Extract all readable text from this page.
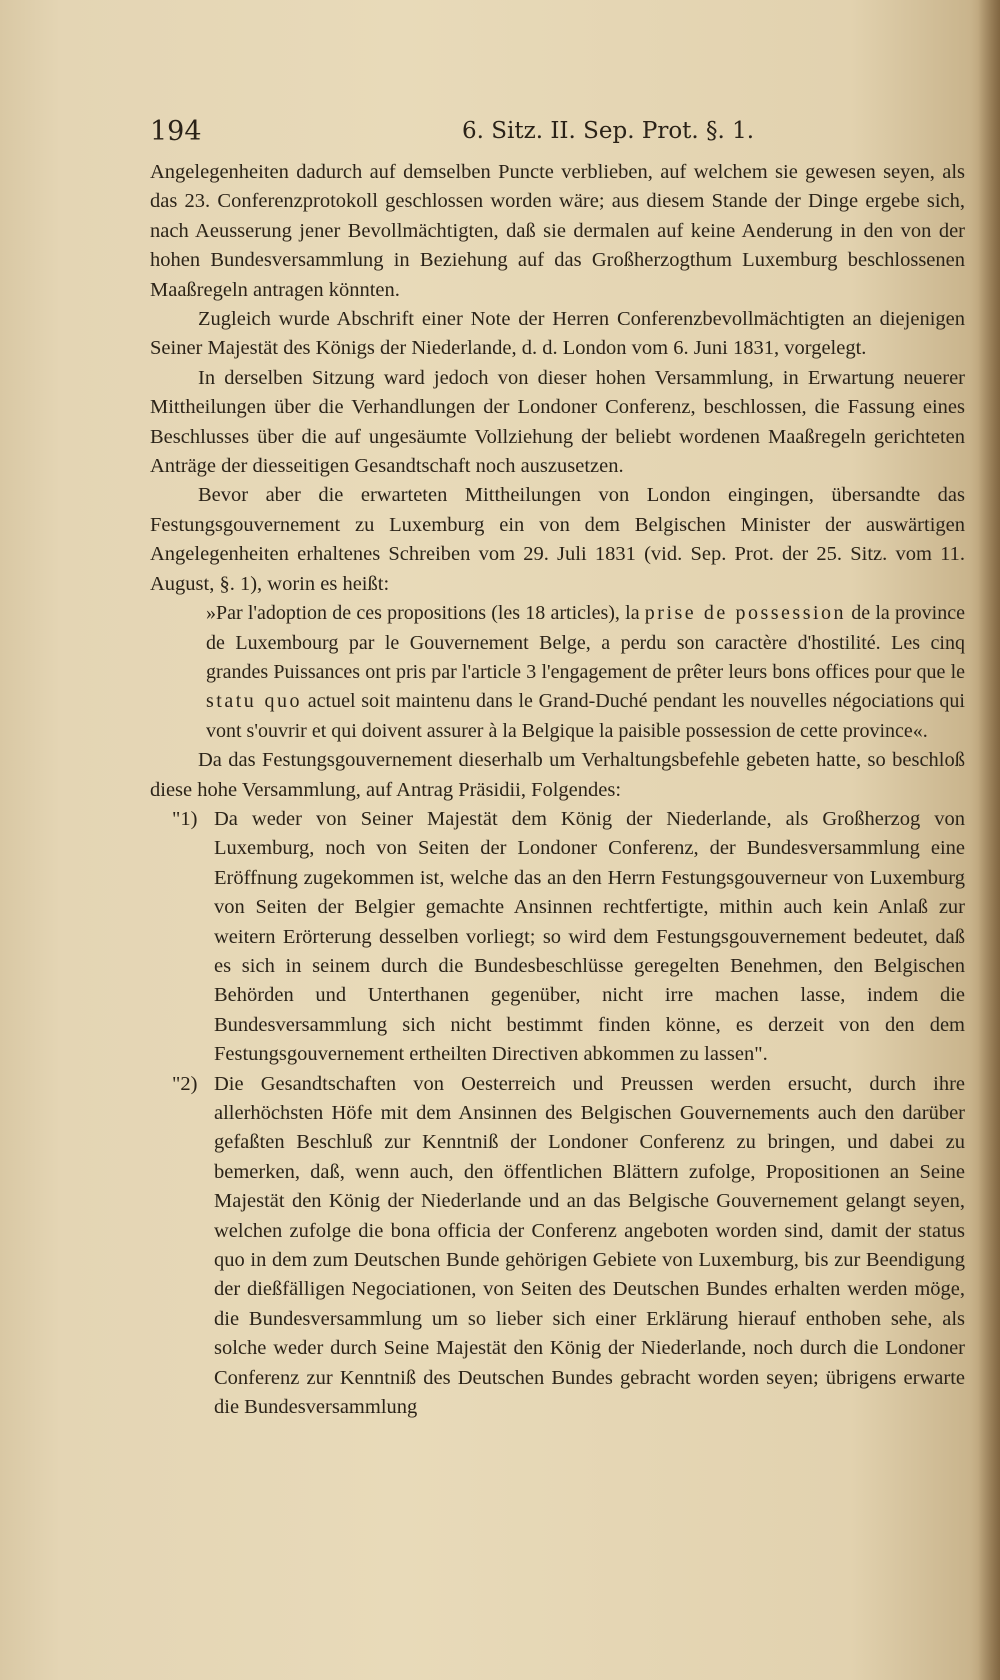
194	6. Sitz. II. Sep. Prot. §. 1.

Angelegenheiten dadurch auf demselben Puncte verblieben, auf welchem sie gewesen seyen, als das 23. Conferenzprotokoll geschlossen worden wäre; aus diesem Stande der Dinge ergebe sich, nach Aeusserung jener Bevollmächtigten, daß sie dermalen auf keine Aenderung in den von der hohen Bundesversammlung in Beziehung auf das Großherzogthum Luxemburg beschlossenen Maaßregeln antragen könnten.

Zugleich wurde Abschrift einer Note der Herren Conferenzbevollmächtigten an diejenigen Seiner Majestät des Königs der Niederlande, d. d. London vom 6. Juni 1831, vorgelegt.

In derselben Sitzung ward jedoch von dieser hohen Versammlung, in Erwartung neuerer Mittheilungen über die Verhandlungen der Londoner Conferenz, beschlossen, die Fassung eines Beschlusses über die auf ungesäumte Vollziehung der beliebt wordenen Maaßregeln gerichteten Anträge der diesseitigen Gesandtschaft noch auszusetzen.

Bevor aber die erwarteten Mittheilungen von London eingingen, übersandte das Festungsgouvernement zu Luxemburg ein von dem Belgischen Minister der auswärtigen Angelegenheiten erhaltenes Schreiben vom 29. Juli 1831 (vid. Sep. Prot. der 25. Sitz. vom 11. August, §. 1), worin es heißt:

»Par l'adoption de ces propositions (les 18 articles), la prise de possession de la province de Luxembourg par le Gouvernement Belge, a perdu son caractère d'hostilité. Les cinq grandes Puissances ont pris par l'article 3 l'engagement de prêter leurs bons offices pour que le statu quo actuel soit maintenu dans le Grand-Duché pendant les nouvelles négociations qui vont s'ouvrir et qui doivent assurer à la Belgique la paisible possession de cette province«.

Da das Festungsgouvernement dieserhalb um Verhaltungsbefehle gebeten hatte, so beschloß diese hohe Versammlung, auf Antrag Präsidii, Folgendes:

"1) Da weder von Seiner Majestät dem König der Niederlande, als Großherzog von Luxemburg, noch von Seiten der Londoner Conferenz, der Bundesversammlung eine Eröffnung zugekommen ist, welche das an den Herrn Festungsgouverneur von Luxemburg von Seiten der Belgier gemachte Ansinnen rechtfertigte, mithin auch kein Anlaß zur weitern Erörterung desselben vorliegt; so wird dem Festungsgouvernement bedeutet, daß es sich in seinem durch die Bundesbeschlüsse geregelten Benehmen, den Belgischen Behörden und Unterthanen gegenüber, nicht irre machen lasse, indem die Bundesversammlung sich nicht bestimmt finden könne, es derzeit von den dem Festungsgouvernement ertheilten Directiven abkommen zu lassen".

"2) Die Gesandtschaften von Oesterreich und Preussen werden ersucht, durch ihre allerhöchsten Höfe mit dem Ansinnen des Belgischen Gouvernements auch den darüber gefaßten Beschluß zur Kenntniß der Londoner Conferenz zu bringen, und dabei zu bemerken, daß, wenn auch, den öffentlichen Blättern zufolge, Propositionen an Seine Majestät den König der Niederlande und an das Belgische Gouvernement gelangt seyen, welchen zufolge die bona officia der Conferenz angeboten worden sind, damit der status quo in dem zum Deutschen Bunde gehörigen Gebiete von Luxemburg, bis zur Beendigung der dießfälligen Negociationen, von Seiten des Deutschen Bundes erhalten werden möge, die Bundesversammlung um so lieber sich einer Erklärung hierauf enthoben sehe, als solche weder durch Seine Majestät den König der Niederlande, noch durch die Londoner Conferenz zur Kenntniß des Deutschen Bundes gebracht worden seyen; übrigens erwarte die Bundesversammlung
